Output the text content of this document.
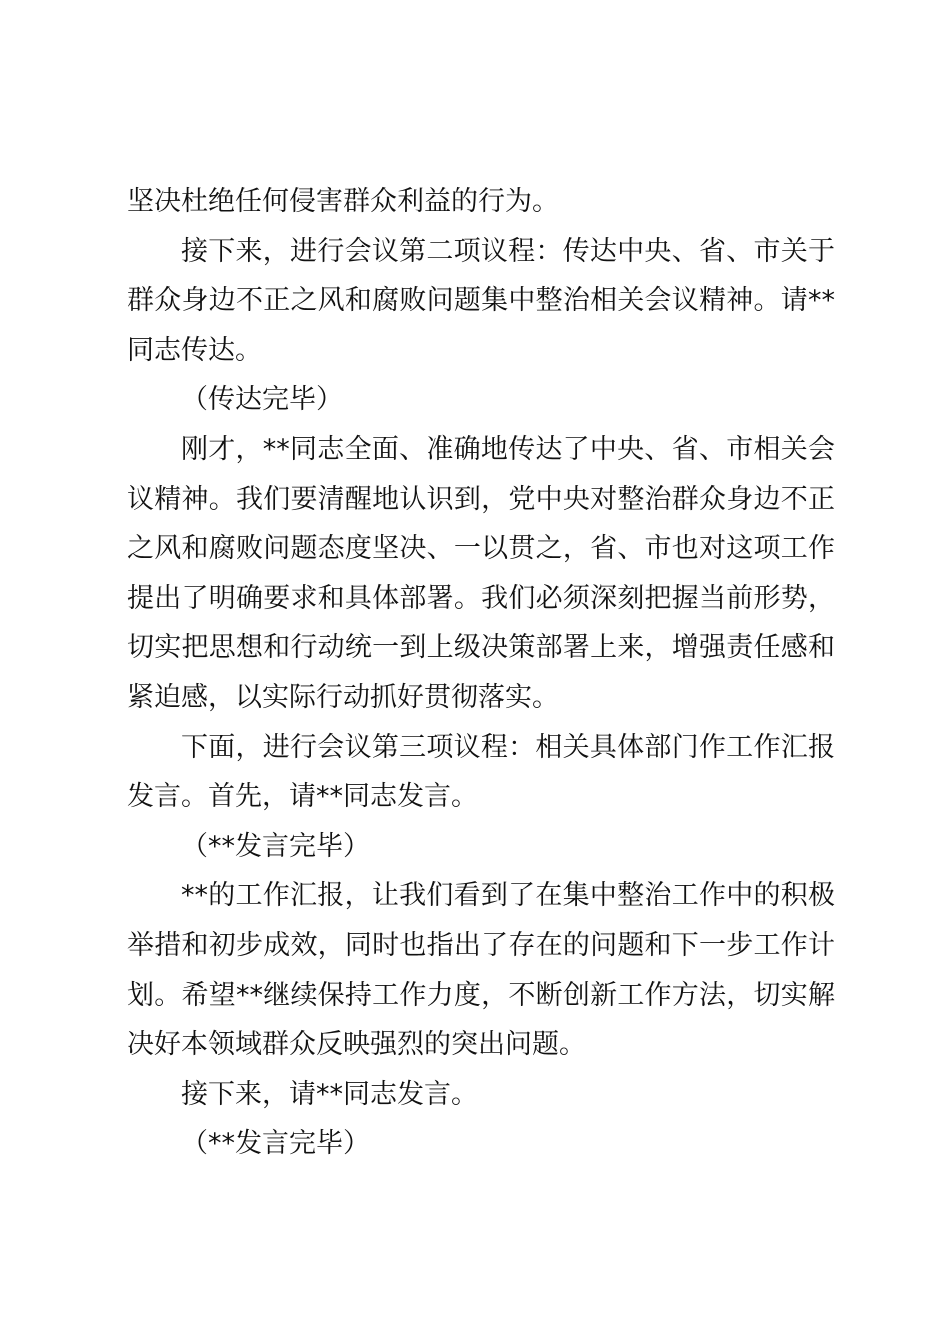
坚决杜绝任何侵害群众利益的行为。

接下来，进行会议第二项议程：传达中央、省、市关于群众身边不正之风和腐败问题集中整治相关会议精神。请**同志传达。

（传达完毕）

刚才，**同志全面、准确地传达了中央、省、市相关会议精神。我们要清醒地认识到，党中央对整治群众身边不正之风和腐败问题态度坚决、一以贯之，省、市也对这项工作提出了明确要求和具体部署。我们必须深刻把握当前形势，切实把思想和行动统一到上级决策部署上来，增强责任感和紧迫感，以实际行动抓好贯彻落实。

下面，进行会议第三项议程：相关具体部门作工作汇报发言。首先，请**同志发言。

（**发言完毕）

**的工作汇报，让我们看到了在集中整治工作中的积极举措和初步成效，同时也指出了存在的问题和下一步工作计划。希望**继续保持工作力度，不断创新工作方法，切实解决好本领域群众反映强烈的突出问题。

接下来，请**同志发言。

（**发言完毕）
